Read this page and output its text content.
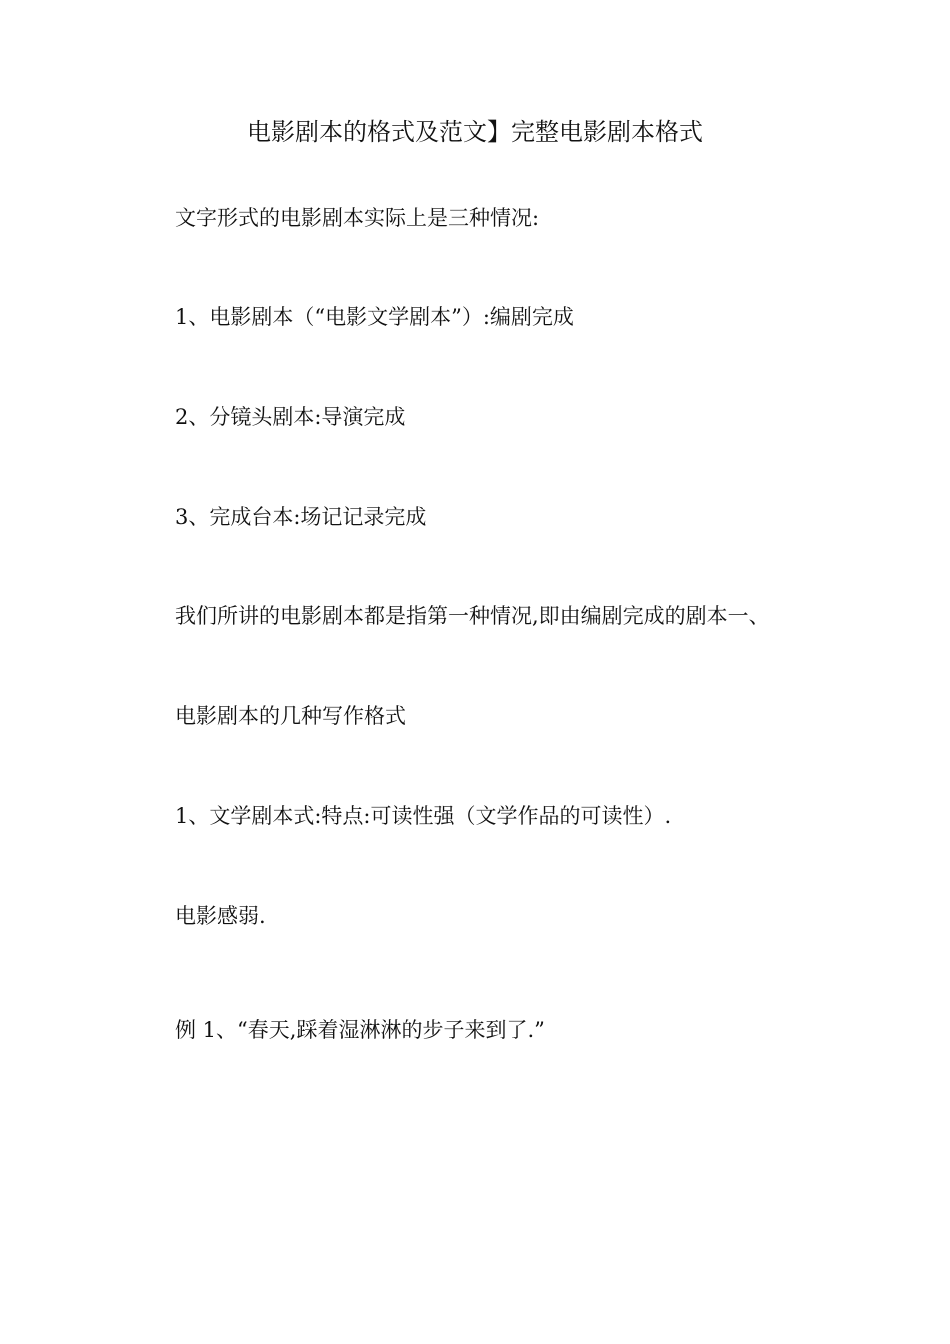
电影剧本的格式及范文】完整电影剧本格式
文字形式的电影剧本实际上是三种情况:
1、电影剧本（“电影文学剧本”）:编剧完成
2、分镜头剧本:导演完成
3、完成台本:场记记录完成
我们所讲的电影剧本都是指第一种情况,即由编剧完成的剧本一、
电影剧本的几种写作格式
1、文学剧本式:特点:可读性强（文学作品的可读性）.
电影感弱.
例 1、“春天,踩着湿淋淋的步子来到了.”
